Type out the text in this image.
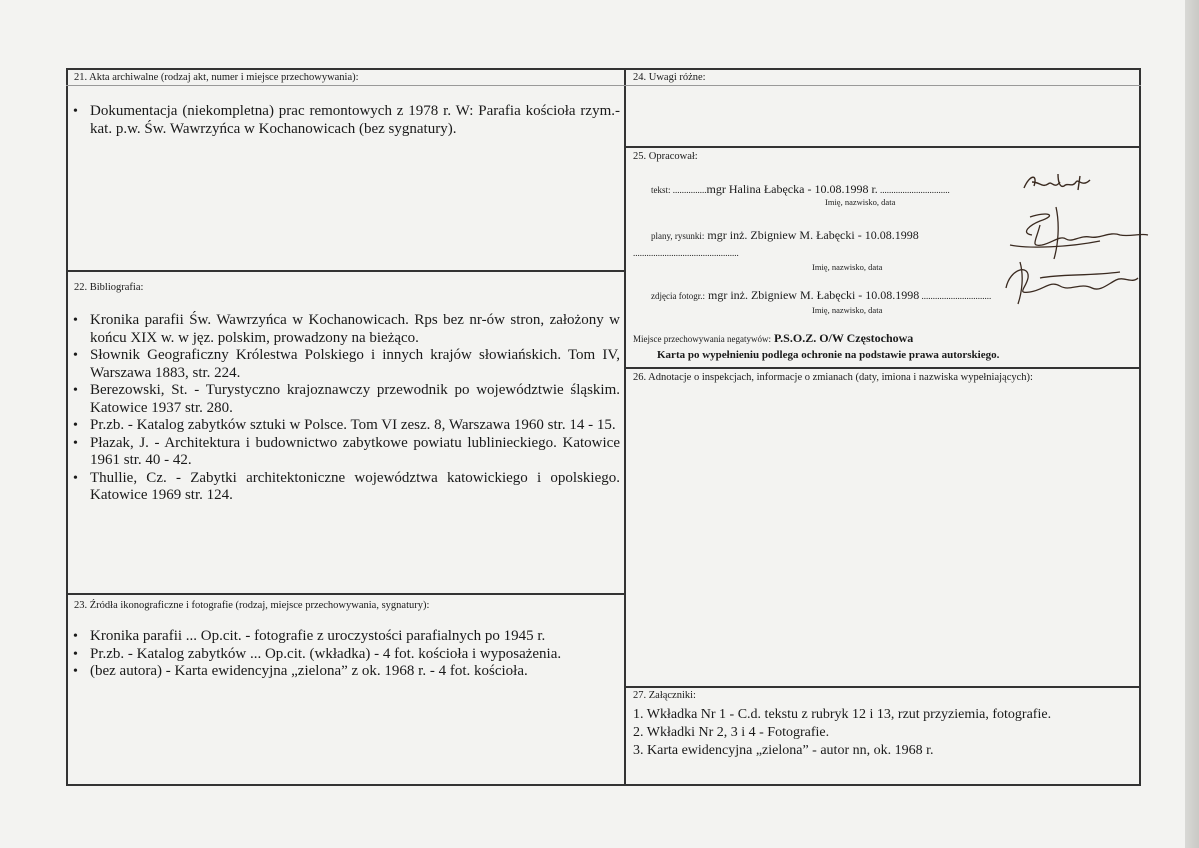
21. Akta archiwalne (rodzaj akt, numer i miejsce przechowywania):
• Dokumentacja (niekompletna) prac remontowych z 1978 r. W: Parafia kościoła rzym.-kat. p.w. Św. Wawrzyńca w Kochanowicach (bez sygnatury).
22. Bibliografia:
• Kronika parafii Św. Wawrzyńca w Kochanowicach. Rps bez nr-ów stron, założony w końcu XIX w. w jęz. polskim, prowadzony na bieżąco.
• Słownik Geograficzny Królestwa Polskiego i innych krajów słowiańskich. Tom IV, Warszawa 1883, str. 224.
• Berezowski, St. - Turystyczno krajoznawczy przewodnik po województwie śląskim. Katowice 1937 str. 280.
• Pr.zb. - Katalog zabytków sztuki w Polsce. Tom VI zesz. 8, Warszawa 1960 str. 14 - 15.
• Płazak, J. - Architektura i budownictwo zabytkowe powiatu lublinieckiego. Katowice 1961 str. 40 - 42.
• Thullie, Cz. - Zabytki architektoniczne województwa katowickiego i opolskiego. Katowice 1969 str. 124.
23. Źródła ikonograficzne i fotografie (rodzaj, miejsce przechowywania, sygnatury):
• Kronika parafii ... Op.cit. - fotografie z uroczystości parafialnych po 1945 r.
• Pr.zb. - Katalog zabytków ... Op.cit. (wkładka) - 4 fot. kościoła i wyposażenia.
• (bez autora) - Karta ewidencyjna „zielona” z ok. 1968 r. - 4 fot. kościoła.
24. Uwagi różne:
25. Opracował:
tekst: ...............mgr Halina Łabęcka - 10.08.1998 r. ...............................
Imię, nazwisko, data
plany, rysunki: mgr inż. Zbigniew M. Łabęcki - 10.08.1998
...............................................
Imię, nazwisko, data
zdjęcia fotogr.: mgr inż. Zbigniew M. Łabęcki - 10.08.1998 ...............................
Imię, nazwisko, data
Miejsce przechowywania negatywów: P.S.O.Z. O/W Częstochowa
Karta po wypełnieniu podlega ochronie na podstawie prawa autorskiego.
26. Adnotacje o inspekcjach, informacje o zmianach (daty, imiona i nazwiska wypełniających):
27. Załączniki:
1. Wkładka Nr 1 - C.d. tekstu z rubryk 12 i 13, rzut przyziemia, fotografie.
2. Wkładki Nr 2, 3 i 4 - Fotografie.
3. Karta ewidencyjna „zielona” - autor nn, ok. 1968 r.
